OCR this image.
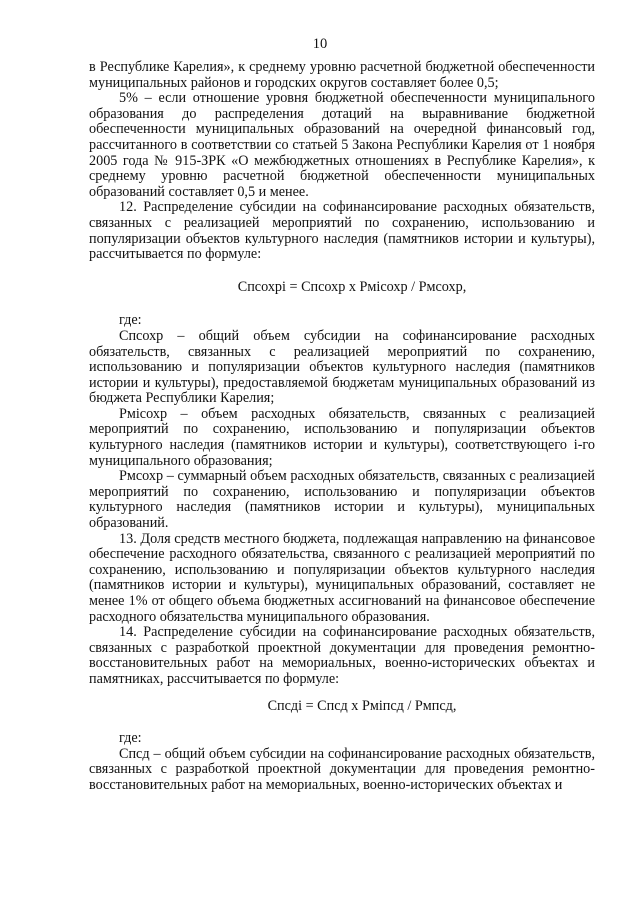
10

в Республике Карелия», к среднему уровню расчетной бюджетной обеспеченности муниципальных районов и городских округов составляет более 0,5;

5% – если отношение уровня бюджетной обеспеченности муниципального образования до распределения дотаций на выравнивание бюджетной обеспеченности муниципальных образований на очередной финансовый год, рассчитанного в соответствии со статьей 5 Закона Республики Карелия от 1 ноября 2005 года № 915-ЗРК «О межбюджетных отношениях в Республике Карелия», к среднему уровню расчетной бюджетной обеспеченности муниципальных образований составляет 0,5 и менее.

12. Распределение субсидии на софинансирование расходных обязательств, связанных с реализацией мероприятий по сохранению, использованию и популяризации объектов культурного наследия (памятников истории и культуры), рассчитывается по формуле:

Спсохрі = Спсохр x Рмісохр / Рмсохр,

где:

Спсохр – общий объем субсидии на софинансирование расходных обязательств, связанных с реализацией мероприятий по сохранению, использованию и популяризации объектов культурного наследия (памятников истории и культуры), предоставляемой бюджетам муниципальных образований из бюджета Республики Карелия;

Рмісохр – объем расходных обязательств, связанных с реализацией мероприятий по сохранению, использованию и популяризации объектов культурного наследия (памятников истории и культуры), соответствующего і-го муниципального образования;

Рмсохр – суммарный объем расходных обязательств, связанных с реализацией мероприятий по сохранению, использованию и популяризации объектов культурного наследия (памятников истории и культуры), муниципальных образований.

13. Доля средств местного бюджета, подлежащая направлению на финансовое обеспечение расходного обязательства, связанного с реализацией мероприятий по сохранению, использованию и популяризации объектов культурного наследия (памятников истории и культуры), муниципальных образований, составляет не менее 1% от общего объема бюджетных ассигнований на финансовое обеспечение расходного обязательства муниципального образования.

14. Распределение субсидии на софинансирование расходных обязательств, связанных с разработкой проектной документации для проведения ремонтно-восстановительных работ на мемориальных, военно-исторических объектах и памятниках, рассчитывается по формуле:

Спсдi = Спсд x Рміпсд / Рмпсд,

где:

Спсд – общий объем субсидии на софинансирование расходных обязательств, связанных с разработкой проектной документации для проведения ремонтно-восстановительных работ на мемориальных, военно-исторических объектах и
